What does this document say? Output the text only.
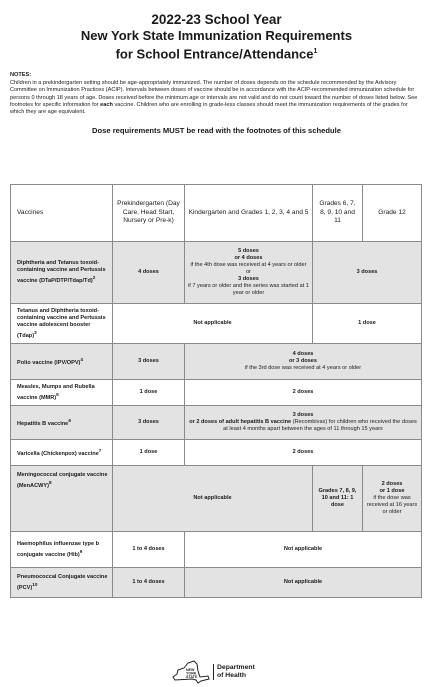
2022-23 School Year
New York State Immunization Requirements
for School Entrance/Attendance$^1$
NOTES:
Children in a prekindergarten setting should be age-appropriately immunized. The number of doses depends on the schedule recommended by the Advisory Committee on Immunization Practices (ACIP). Intervals between doses of vaccine should be in accordance with the ACIP-recommended immunization schedule for persons 0 through 18 years of age. Doses received before the minimum age or intervals are not valid and do not count toward the number of doses listed below. See footnotes for specific information for each vaccine. Children who are enrolling in grade-less classes should meet the immunization requirements of the grades for which they are age equivalent.
Dose requirements MUST be read with the footnotes of this schedule
Vaccines	Prekindergarten (Day Care, Head Start, Nursery or Pre-k)	Kindergarten and Grades 1, 2, 3, 4 and 5	Grades 6, 7, 8, 9, 10 and 11	Grade 12
Diphtheria and Tetanus toxoid-containing vaccine and Pertussis vaccine (DTaP/DTP/Tdap/Td)$^2$	4 doses	5 doses
or 4 doses
if the 4th dose was received at 4 years or older or
3 doses
if 7 years or older and the series was started at 1 year or older	3 doses	
Tetanus and Diphtheria toxoid-containing vaccine and Pertussis vaccine adolescent booster (Tdap)$^3$	Not applicable		1 dose	
Polio vaccine $(IPV/OPV)^4$	3 doses	4 doses
or 3 doses
if the 3rd dose was received at 4 years or older		

Measles, Mumps and Rubella vaccine (MMR)$^5$	1 dose	2 doses		
Hepatitis B vaccine$^6$	3 doses	3 doses
or 2 doses of adult hepatitis B vaccine (Recombivax) for children who received the doses at least 4 months apart between the ages of 11 through 15 years		

Varicella (Chickenpox) vaccine$^7$	1 dose	2 doses		
Meningococcal conjugate vaccine (MenACWY)$^8$	Not applicable		Grades 7, 8, 9, 10 and 11: 1 dose	2 doses
or 1 dose
if the dose was received at 16 years or older

Haemophilus influenzae type b conjugate vaccine (Hib)$^9$	1 to 4 doses	Not applicable		
Pneumococcal Conjugate vaccine (PCV)$^{10}$	1 to 4 doses	Not applicable		
NEW
YORK
STATE
Department
of Health
